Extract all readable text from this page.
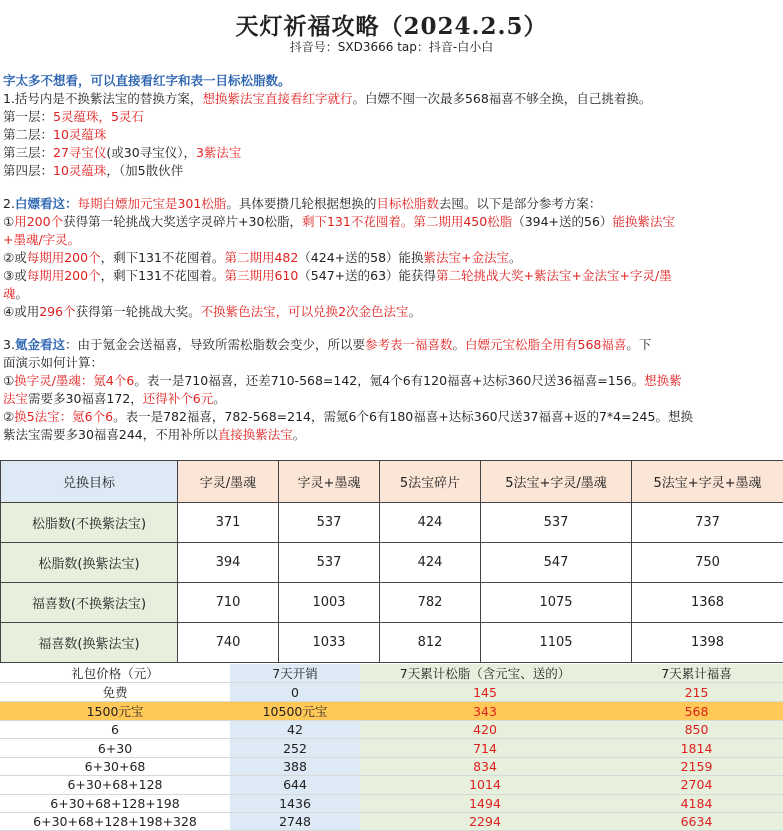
天灯祈福攻略（2024.2.5）
抖音号：SXD3666 tap：抖音-白小白
字太多不想看，可以直接看红字和表一目标松脂数。
1.括号内是不换紫法宝的替换方案，想换紫法宝直接看红字就行。白嫖不囤一次最多568福喜不够全换，自己挑着换。
第一层：5灵蕴珠，5灵石
第二层：10灵蕴珠
第三层：27寻宝仪(或30寻宝仪），3紫法宝
第四层：10灵蕴珠，（加5散伙伴
2.白嫖看这：每期白嫖加元宝是301松脂。具体要攒几轮根据想换的目标松脂数去囤。以下是部分参考方案：
①用200个获得第一轮挑战大奖送字灵碎片+30松脂，剩下131不花囤着。第二期用450松脂（394+送的56）能换紫法宝
+墨魂/字灵。
②或每期用200个，剩下131不花囤着。第二期用482（424+送的58）能换紫法宝+金法宝。
③或每期用200个，剩下131不花囤着。第三期用610（547+送的63）能获得第二轮挑战大奖+紫法宝+金法宝+字灵/墨
魂。
④或用296个获得第一轮挑战大奖。不换紫色法宝，可以兑换2次金色法宝。
3.氪金看这：由于氪金会送福喜，导致所需松脂数会变少，所以要参考表一福喜数。白嫖元宝松脂全用有568福喜。下
面演示如何计算：
①换字灵/墨魂：氪4个6。表一是710福喜，还差710-568=142，氪4个6有120福喜+达标360尺送36福喜=156。想换紫
法宝需要多30福喜172，还得补个6元。
②换5法宝：氪6个6。表一是782福喜，782-568=214，需氪6个6有180福喜+达标360尺送37福喜+返的7*4=245。想换
紫法宝需要多30福喜244，不用补所以直接换紫法宝。
兑换目标	字灵/墨魂	字灵+墨魂	5法宝碎片	5法宝+字灵/墨魂	5法宝+字灵+墨魂
松脂数(不换紫法宝)	371	537	424	537	737
松脂数(换紫法宝)	394	537	424	547	750
福喜数(不换紫法宝)	710	1003	782	1075	1368
福喜数(换紫法宝)	740	1033	812	1105	1398
礼包价格（元）	7天开销	7天累计松脂（含元宝、送的）	7天累计福喜
免费	0	145	215
1500元宝	10500元宝	343	568
6	42	420	850
6+30	252	714	1814
6+30+68	388	834	2159
6+30+68+128	644	1014	2704
6+30+68+128+198	1436	1494	4184
6+30+68+128+198+328	2748	2294	6634
